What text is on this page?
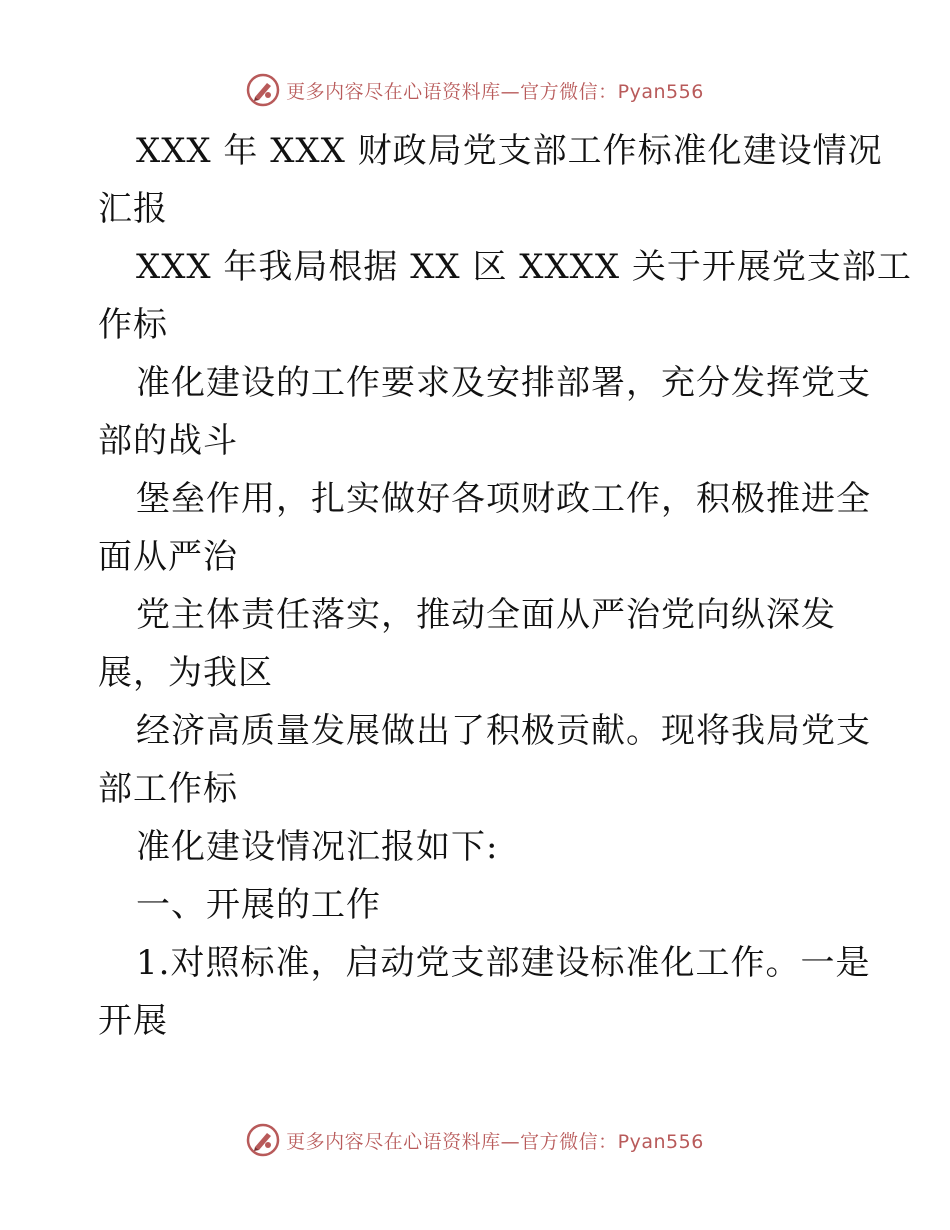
更多内容尽在心语资料库—官方微信：Pyan556
XXX 年 XXX 财政局党支部工作标准化建设情况
汇报
XXX 年我局根据 XX 区 XXXX 关于开展党支部工
作标
准化建设的工作要求及安排部署，充分发挥党支
部的战斗
堡垒作用，扎实做好各项财政工作，积极推进全
面从严治
党主体责任落实，推动全面从严治党向纵深发
展，为我区
经济高质量发展做出了积极贡献。现将我局党支
部工作标
准化建设情况汇报如下:
一、开展的工作
1.对照标准，启动党支部建设标准化工作。一是
开展
更多内容尽在心语资料库—官方微信：Pyan556
